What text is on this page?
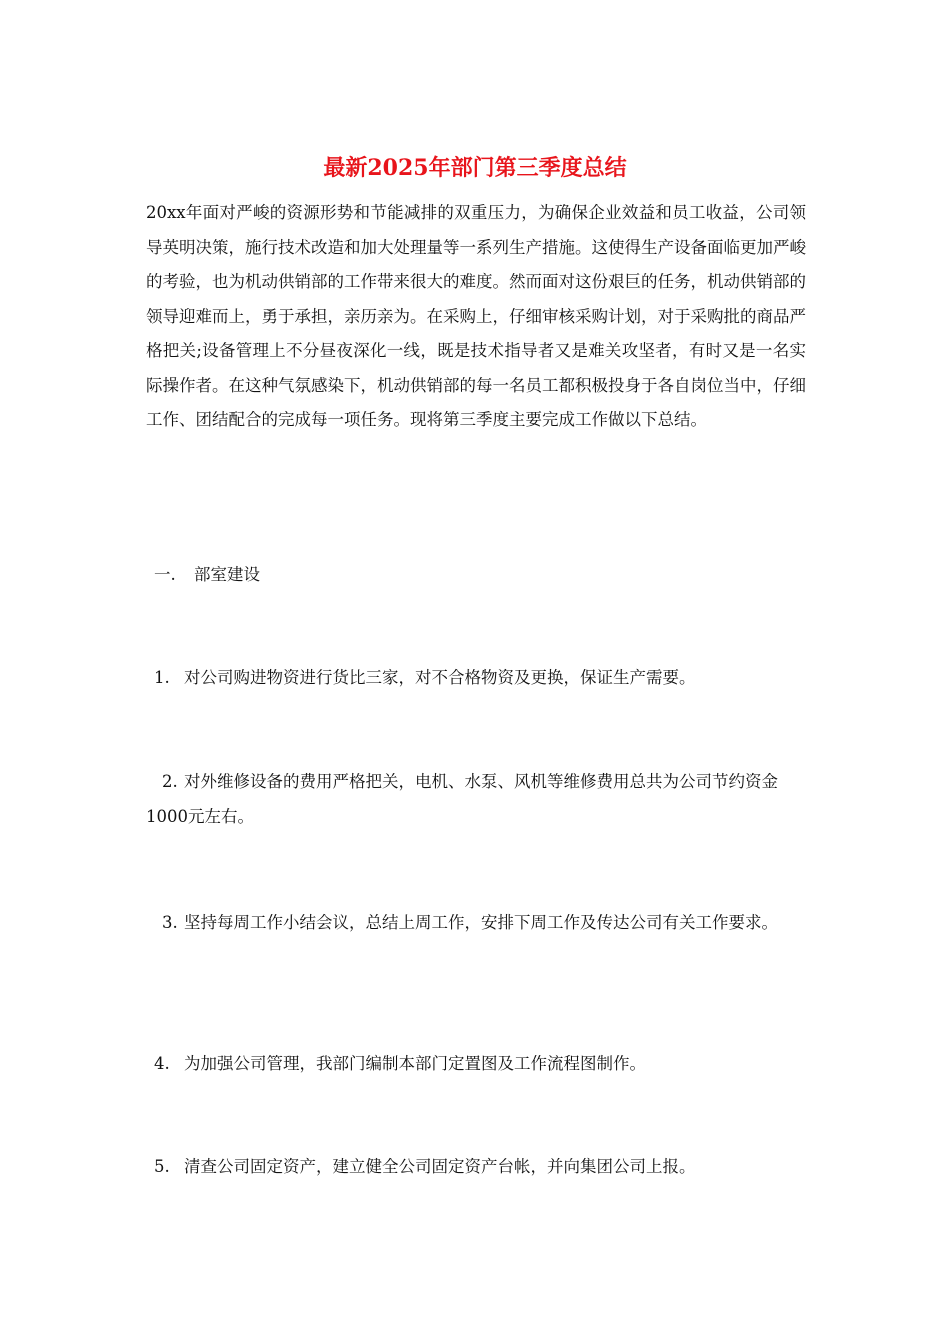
最新2025年部门第三季度总结

20xx年面对严峻的资源形势和节能减排的双重压力，为确保企业效益和员工收益，公司领导英明决策，施行技术改造和加大处理量等一系列生产措施。这使得生产设备面临更加严峻的考验，也为机动供销部的工作带来很大的难度。然而面对这份艰巨的任务，机动供销部的领导迎难而上，勇于承担，亲历亲为。在采购上，仔细审核采购计划，对于采购批的商品严格把关;设备管理上不分昼夜深化一线，既是技术指导者又是难关攻坚者，有时又是一名实际操作者。在这种气氛感染下，机动供销部的每一名员工都积极投身于各自岗位当中，仔细工作、团结配合的完成每一项任务。现将第三季度主要完成工作做以下总结。

一. 部室建设

1. 对公司购进物资进行货比三家，对不合格物资及更换，保证生产需要。

2. 对外维修设备的费用严格把关，电机、水泵、风机等维修费用总共为公司节约资金1000元左右。

3. 坚持每周工作小结会议，总结上周工作，安排下周工作及传达公司有关工作要求。

4. 为加强公司管理，我部门编制本部门定置图及工作流程图制作。

5. 清查公司固定资产，建立健全公司固定资产台帐，并向集团公司上报。
